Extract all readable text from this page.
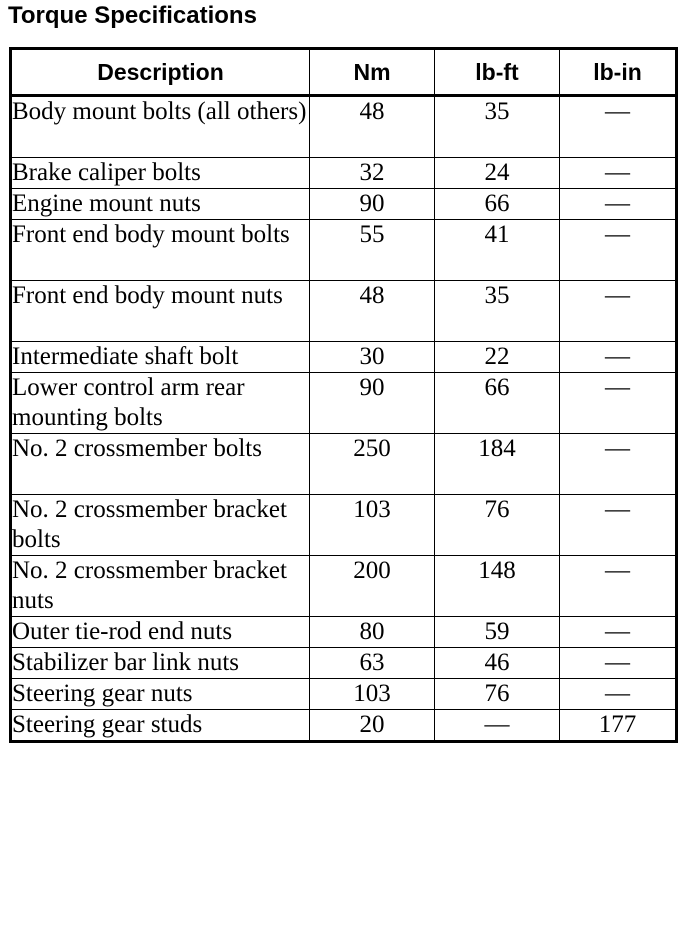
Torque Specifications
Description	Nm	lb-ft	lb-in
Body mount bolts (all others)	48	35	—
Brake caliper bolts	32	24	—
Engine mount nuts	90	66	—
Front end body mount bolts	55	41	—
Front end body mount nuts	48	35	—
Intermediate shaft bolt	30	22	—
Lower control arm rear mounting bolts	90	66	—
No. 2 crossmember bolts	250	184	—
No. 2 crossmember bracket bolts	103	76	—
No. 2 crossmember bracket nuts	200	148	—
Outer tie-rod end nuts	80	59	—
Stabilizer bar link nuts	63	46	—
Steering gear nuts	103	76	—
Steering gear studs	20	—	177
